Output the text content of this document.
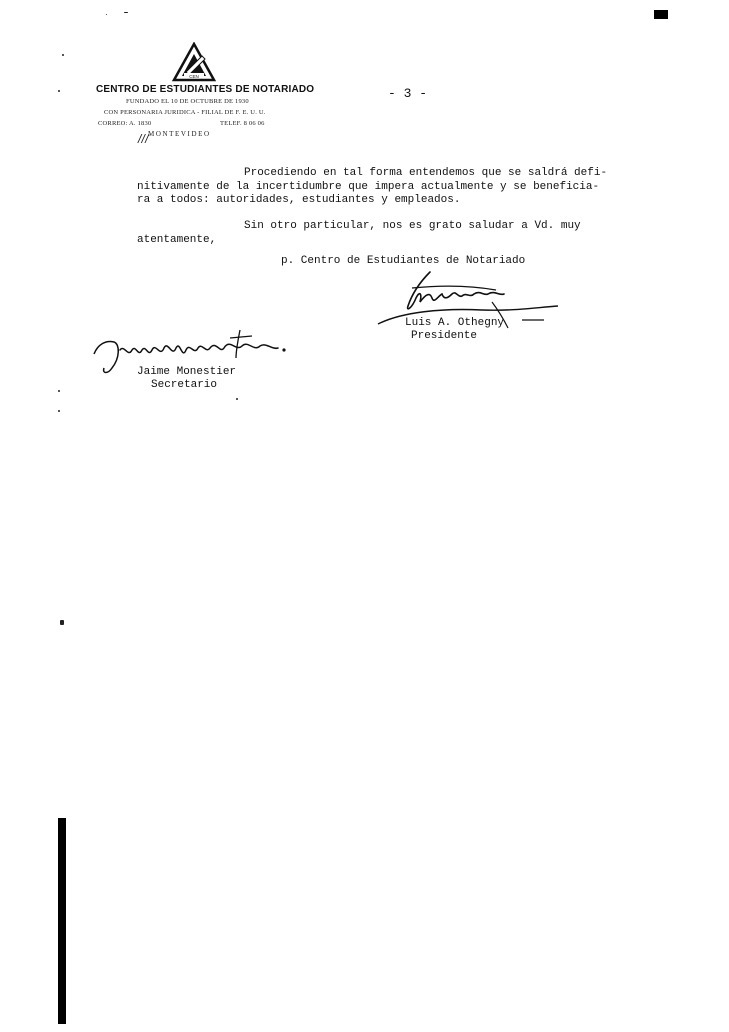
CEN
CENTRO DE ESTUDIANTES DE NOTARIADO
FUNDADO EL 10 DE OCTUBRE DE 1930
CON PERSONARIA JURIDICA - FILIAL DE F. E. U. U.
CORREO: A. 1830	TELEF. 8 06 06
/// MONTEVIDEO
- 3 -
Procediendo en tal forma entendemos que se saldrá defi-
nitivamente de la incertidumbre que impera actualmente y se beneficia-
ra a todos: autoridades, estudiantes y empleados.
Sin otro particular, nos es grato saludar a Vd. muy
atentamente,
p. Centro de Estudiantes de Notariado
Luis A. Othegny
Presidente
Jaime Monestier
Secretario
